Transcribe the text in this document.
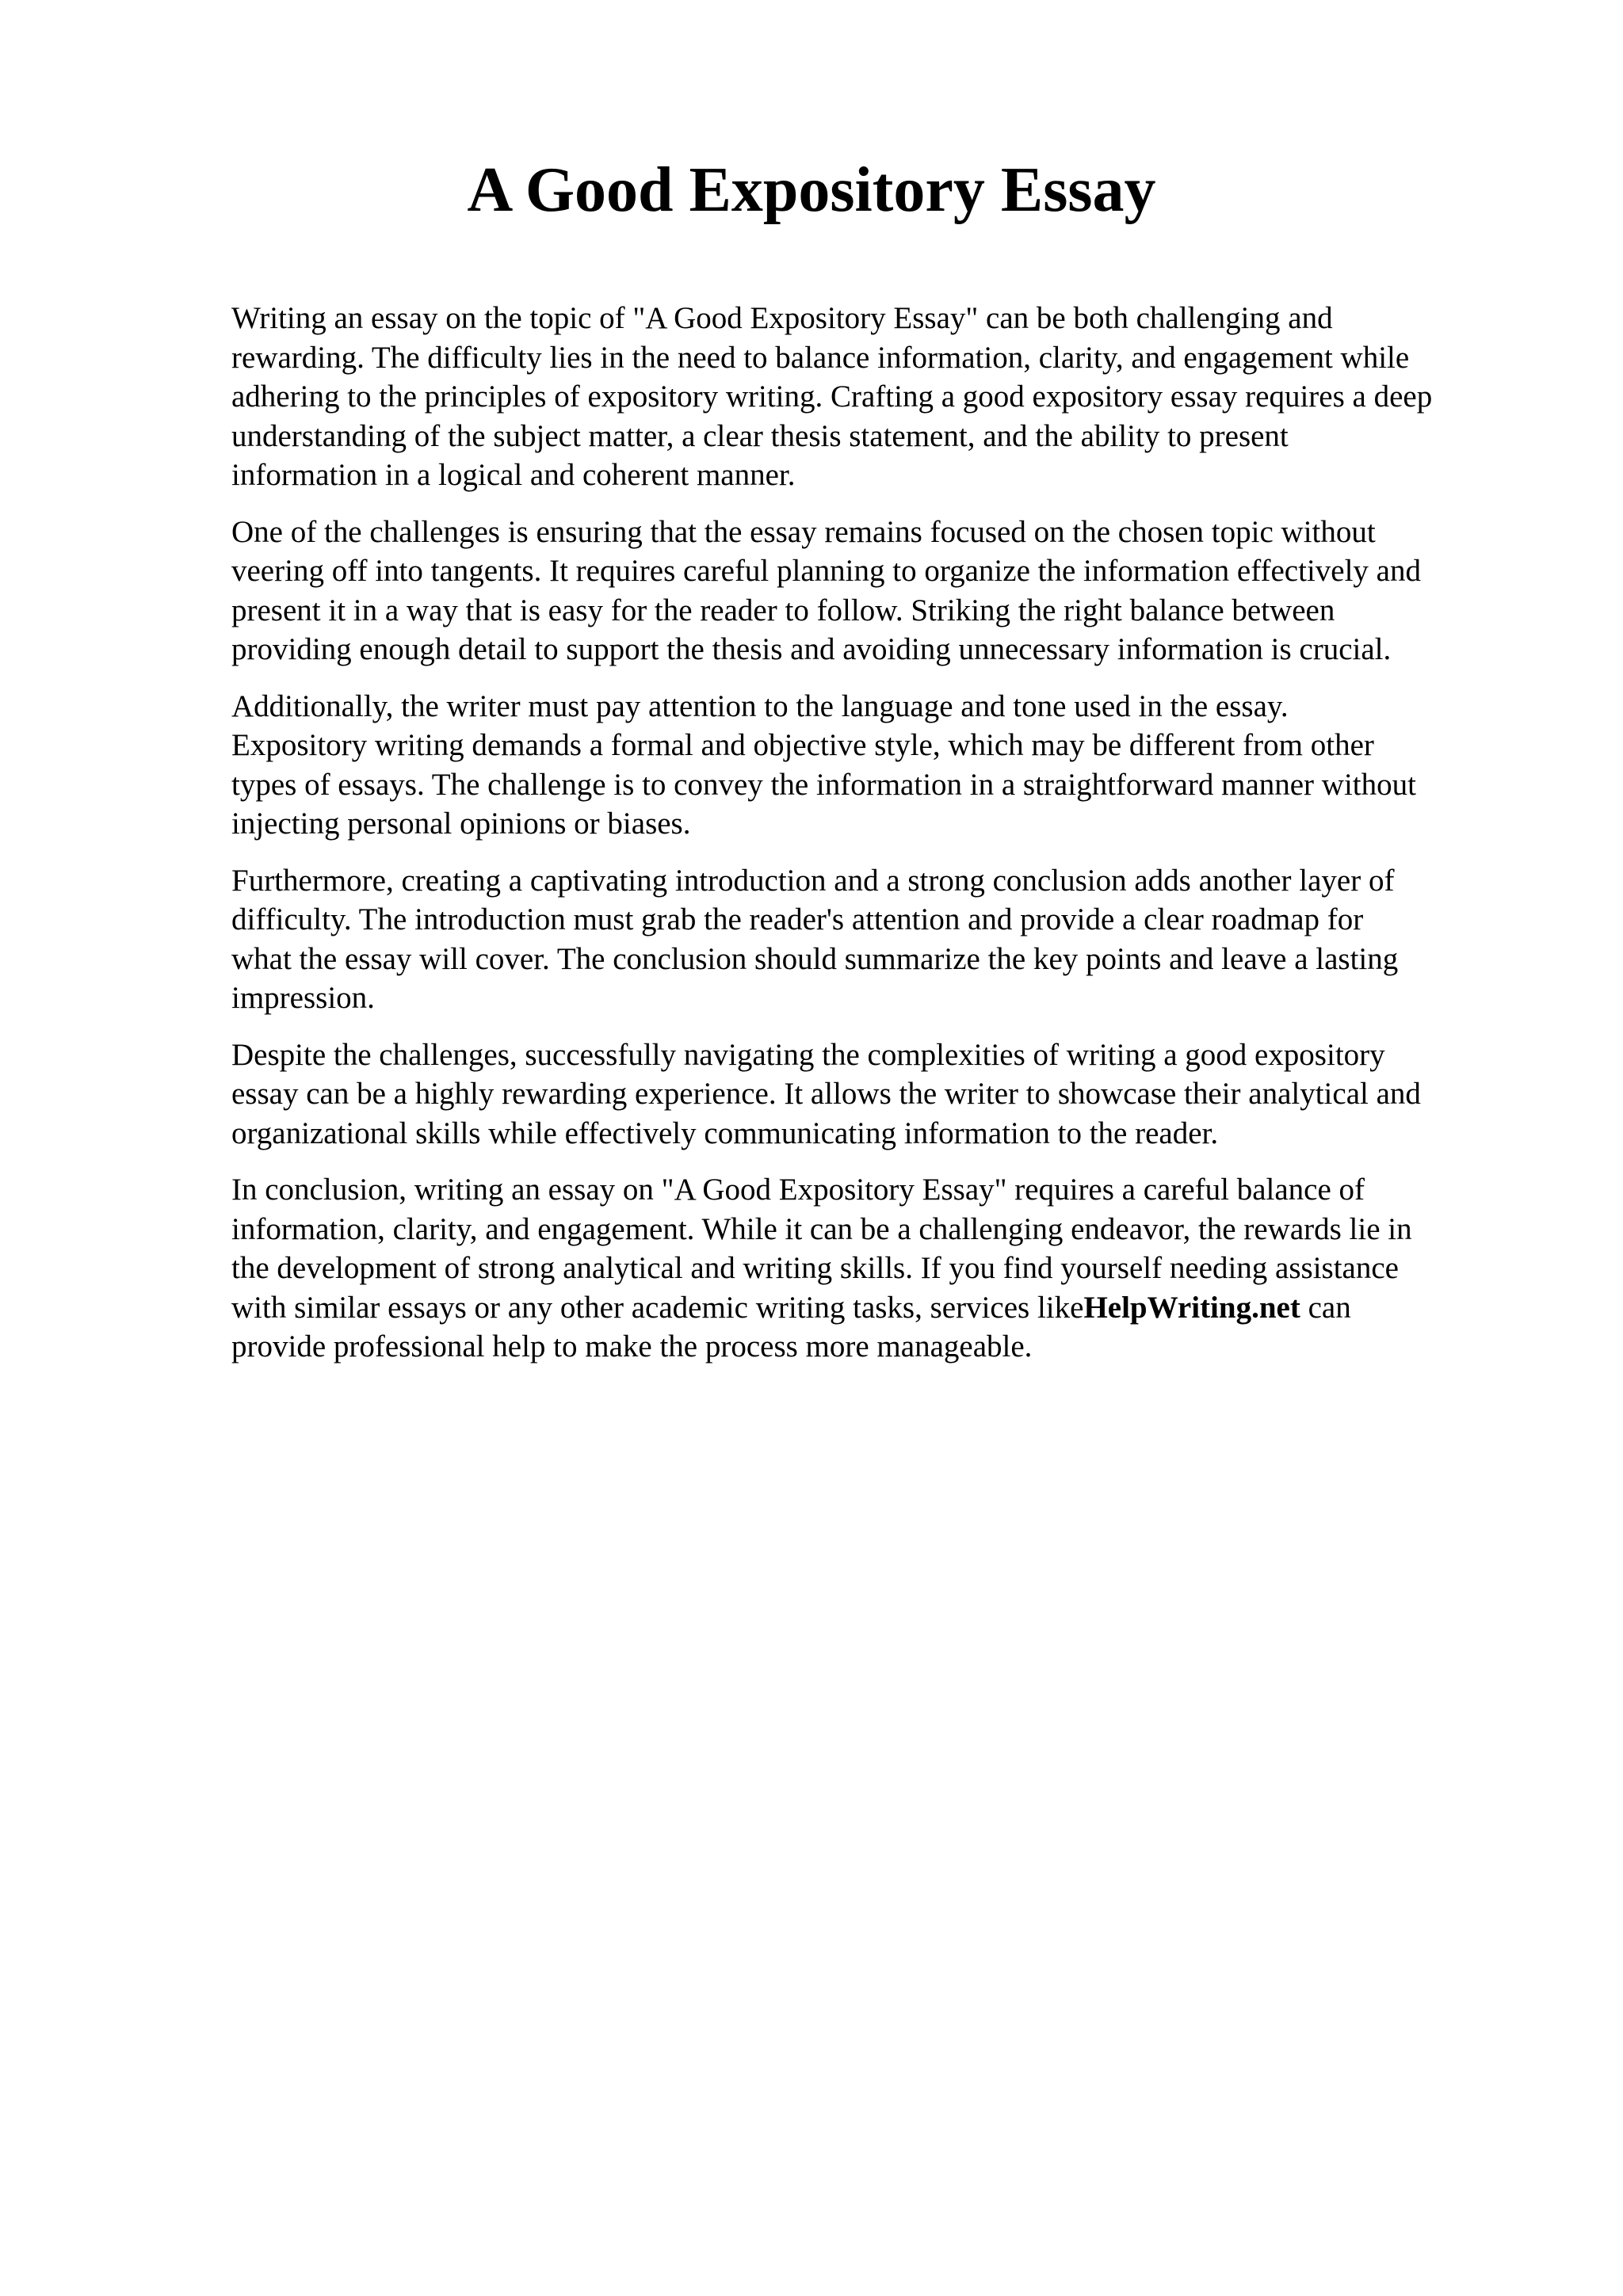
A Good Expository Essay

Writing an essay on the topic of "A Good Expository Essay" can be both challenging and
rewarding. The difficulty lies in the need to balance information, clarity, and engagement while
adhering to the principles of expository writing. Crafting a good expository essay requires a deep
understanding of the subject matter, a clear thesis statement, and the ability to present
information in a logical and coherent manner.

One of the challenges is ensuring that the essay remains focused on the chosen topic without
veering off into tangents. It requires careful planning to organize the information effectively and
present it in a way that is easy for the reader to follow. Striking the right balance between
providing enough detail to support the thesis and avoiding unnecessary information is crucial.

Additionally, the writer must pay attention to the language and tone used in the essay.
Expository writing demands a formal and objective style, which may be different from other
types of essays. The challenge is to convey the information in a straightforward manner without
injecting personal opinions or biases.

Furthermore, creating a captivating introduction and a strong conclusion adds another layer of
difficulty. The introduction must grab the reader's attention and provide a clear roadmap for
what the essay will cover. The conclusion should summarize the key points and leave a lasting
impression.

Despite the challenges, successfully navigating the complexities of writing a good expository
essay can be a highly rewarding experience. It allows the writer to showcase their analytical and
organizational skills while effectively communicating information to the reader.

In conclusion, writing an essay on "A Good Expository Essay" requires a careful balance of
information, clarity, and engagement. While it can be a challenging endeavor, the rewards lie in
the development of strong analytical and writing skills. If you find yourself needing assistance
with similar essays or any other academic writing tasks, services likeHelpWriting.net can
provide professional help to make the process more manageable.
